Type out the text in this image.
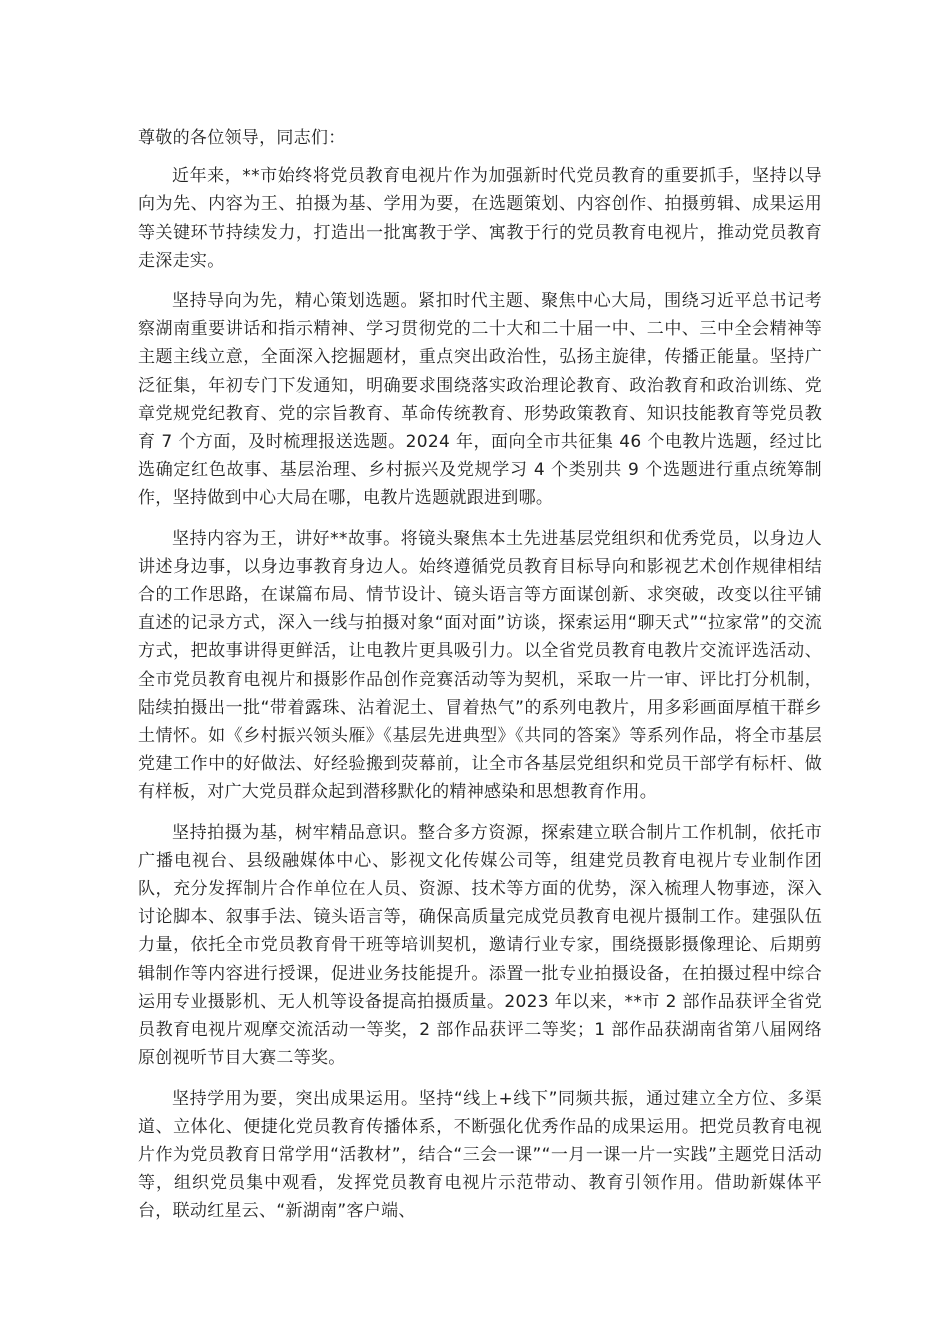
尊敬的各位领导，同志们：

近年来，**市始终将党员教育电视片作为加强新时代党员教育的重要抓手，坚持以导向为先、内容为王、拍摄为基、学用为要，在选题策划、内容创作、拍摄剪辑、成果运用等关键环节持续发力，打造出一批寓教于学、寓教于行的党员教育电视片，推动党员教育走深走实。

坚持导向为先，精心策划选题。紧扣时代主题、聚焦中心大局，围绕习近平总书记考察湖南重要讲话和指示精神、学习贯彻党的二十大和二十届一中、二中、三中全会精神等主题主线立意，全面深入挖掘题材，重点突出政治性，弘扬主旋律，传播正能量。坚持广泛征集，年初专门下发通知，明确要求围绕落实政治理论教育、政治教育和政治训练、党章党规党纪教育、党的宗旨教育、革命传统教育、形势政策教育、知识技能教育等党员教育 7 个方面，及时梳理报送选题。2024 年，面向全市共征集 46 个电教片选题，经过比选确定红色故事、基层治理、乡村振兴及党规学习 4 个类别共 9 个选题进行重点统筹制作，坚持做到中心大局在哪，电教片选题就跟进到哪。

坚持内容为王，讲好**故事。将镜头聚焦本土先进基层党组织和优秀党员，以身边人讲述身边事，以身边事教育身边人。始终遵循党员教育目标导向和影视艺术创作规律相结合的工作思路，在谋篇布局、情节设计、镜头语言等方面谋创新、求突破，改变以往平铺直述的记录方式，深入一线与拍摄对象“面对面”访谈，探索运用“聊天式”“拉家常”的交流方式，把故事讲得更鲜活，让电教片更具吸引力。以全省党员教育电教片交流评选活动、全市党员教育电视片和摄影作品创作竞赛活动等为契机，采取一片一审、评比打分机制，陆续拍摄出一批“带着露珠、沾着泥土、冒着热气”的系列电教片，用多彩画面厚植干群乡土情怀。如《乡村振兴领头雁》《基层先进典型》《共同的答案》等系列作品，将全市基层党建工作中的好做法、好经验搬到荧幕前，让全市各基层党组织和党员干部学有标杆、做有样板，对广大党员群众起到潜移默化的精神感染和思想教育作用。

坚持拍摄为基，树牢精品意识。整合多方资源，探索建立联合制片工作机制，依托市广播电视台、县级融媒体中心、影视文化传媒公司等，组建党员教育电视片专业制作团队，充分发挥制片合作单位在人员、资源、技术等方面的优势，深入梳理人物事迹，深入讨论脚本、叙事手法、镜头语言等，确保高质量完成党员教育电视片摄制工作。建强队伍力量，依托全市党员教育骨干班等培训契机，邀请行业专家，围绕摄影摄像理论、后期剪辑制作等内容进行授课，促进业务技能提升。添置一批专业拍摄设备，在拍摄过程中综合运用专业摄影机、无人机等设备提高拍摄质量。2023 年以来，**市 2 部作品获评全省党员教育电视片观摩交流活动一等奖，2 部作品获评二等奖；1 部作品获湖南省第八届网络原创视听节目大赛二等奖。

坚持学用为要，突出成果运用。坚持“线上+线下”同频共振，通过建立全方位、多渠道、立体化、便捷化党员教育传播体系，不断强化优秀作品的成果运用。把党员教育电视片作为党员教育日常学用“活教材”，结合“三会一课”“一月一课一片一实践”主题党日活动等，组织党员集中观看，发挥党员教育电视片示范带动、教育引领作用。借助新媒体平台，联动红星云、“新湖南”客户端、
